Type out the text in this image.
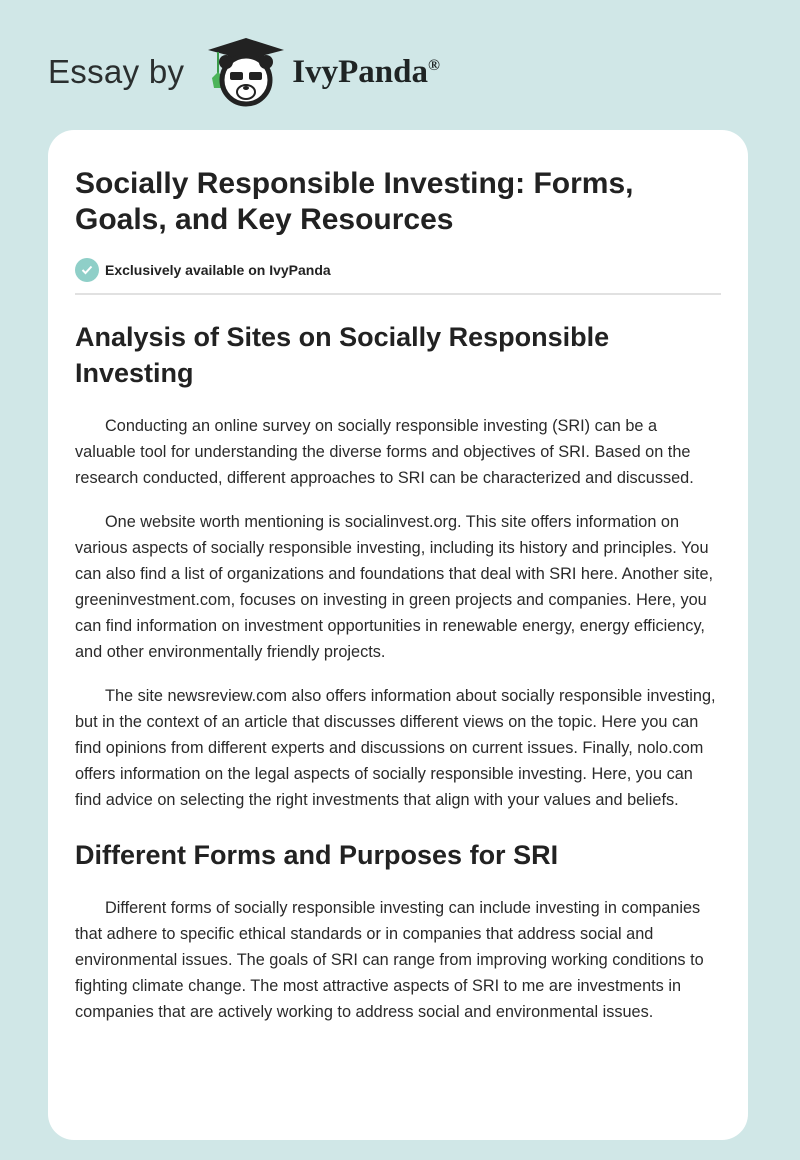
Essay by	IvyPanda®
Socially Responsible Investing: Forms, Goals, and Key Resources
Exclusively available on IvyPanda
Analysis of Sites on Socially Responsible Investing

Conducting an online survey on socially responsible investing (SRI) can be a valuable tool for understanding the diverse forms and objectives of SRI. Based on the research conducted, different approaches to SRI can be characterized and discussed.

One website worth mentioning is socialinvest.org. This site offers information on various aspects of socially responsible investing, including its history and principles. You can also find a list of organizations and foundations that deal with SRI here. Another site, greeninvestment.com, focuses on investing in green projects and companies. Here, you can find information on investment opportunities in renewable energy, energy efficiency, and other environmentally friendly projects.

The site newsreview.com also offers information about socially responsible investing, but in the context of an article that discusses different views on the topic. Here you can find opinions from different experts and discussions on current issues. Finally, nolo.com offers information on the legal aspects of socially responsible investing. Here, you can find advice on selecting the right investments that align with your values and beliefs.

Different Forms and Purposes for SRI

Different forms of socially responsible investing can include investing in companies that adhere to specific ethical standards or in companies that address social and environmental issues. The goals of SRI can range from improving working conditions to fighting climate change. The most attractive aspects of SRI to me are investments in companies that are actively working to address social and environmental issues.
